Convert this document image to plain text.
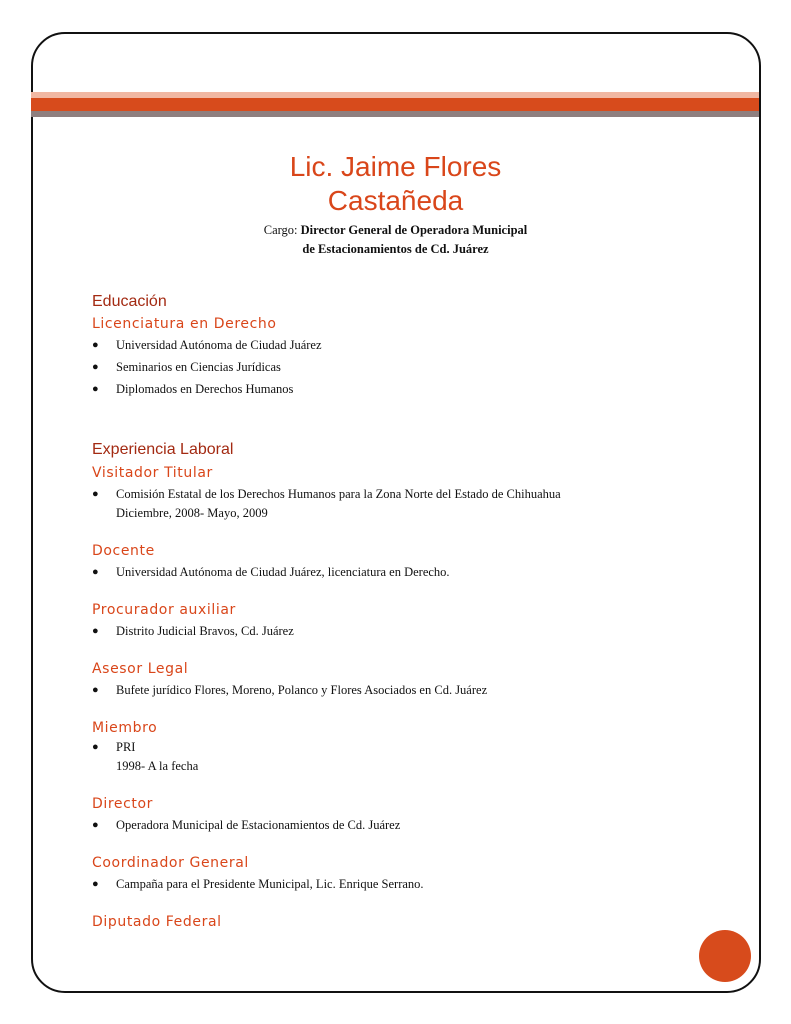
Lic. Jaime Flores
Castañeda
Cargo: Director General de Operadora Municipal
de Estacionamientos de Cd. Juárez
Educación
Licenciatura en Derecho
● Universidad Autónoma de Ciudad Juárez
● Seminarios en Ciencias Jurídicas
● Diplomados en Derechos Humanos
Experiencia Laboral
Visitador Titular
● Comisión Estatal de los Derechos Humanos para la Zona Norte del Estado de Chihuahua
Diciembre, 2008- Mayo, 2009
Docente
● Universidad Autónoma de Ciudad Juárez, licenciatura en Derecho.
Procurador auxiliar
● Distrito Judicial Bravos, Cd. Juárez
Asesor Legal
● Bufete jurídico Flores, Moreno, Polanco y Flores Asociados en Cd. Juárez
Miembro
● PRI
1998- A la fecha
Director
● Operadora Municipal de Estacionamientos de Cd. Juárez
Coordinador General
● Campaña para el Presidente Municipal, Lic. Enrique Serrano.
Diputado Federal
